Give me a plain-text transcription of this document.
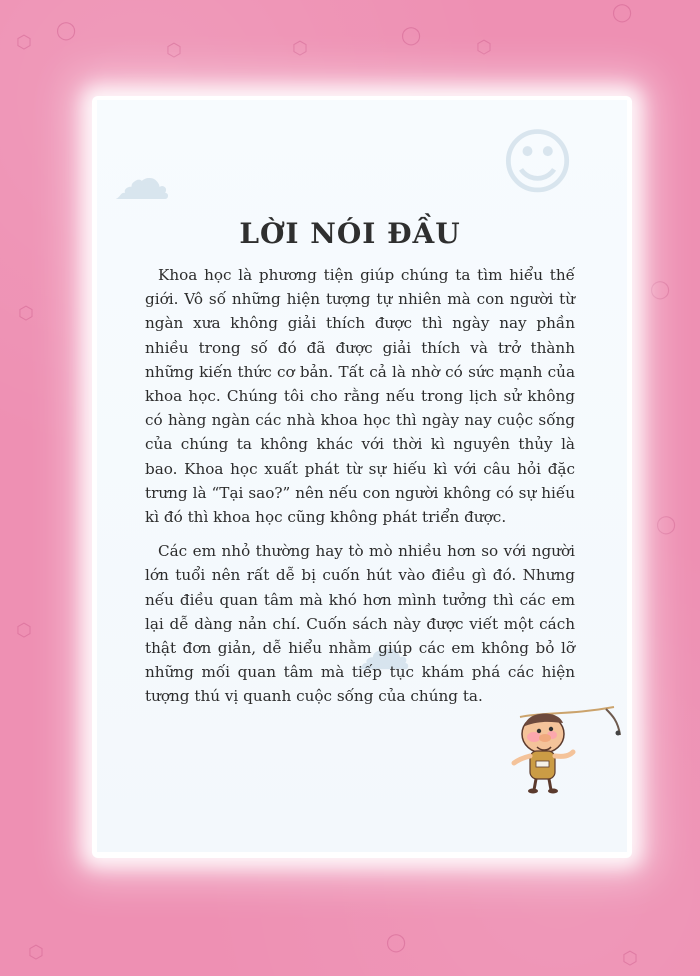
⬡
◯
⬡	⬡
◯
⬡
◯
⬡
◯
⬡
◯
⬡	◯
⬡
☁	☺
☁
LỜI NÓI ĐẦU

Khoa học là phương tiện giúp chúng ta tìm hiểu thế giới. Vô số những hiện tượng tự nhiên mà con người từ ngàn xưa không giải thích được thì ngày nay phần nhiều trong số đó đã được giải thích và trở thành những kiến thức cơ bản. Tất cả là nhờ có sức mạnh của khoa học. Chúng tôi cho rằng nếu trong lịch sử không có hàng ngàn các nhà khoa học thì ngày nay cuộc sống của chúng ta không khác với thời kì nguyên thủy là bao. Khoa học xuất phát từ sự hiếu kì với câu hỏi đặc trưng là “Tại sao?” nên nếu con người không có sự hiếu kì đó thì khoa học cũng không phát triển được.

Các em nhỏ thường hay tò mò nhiều hơn so với người lớn tuổi nên rất dễ bị cuốn hút vào điều gì đó. Nhưng nếu điều quan tâm mà khó hơn mình tưởng thì các em lại dễ dàng nản chí. Cuốn sách này được viết một cách thật đơn giản, dễ hiểu nhằm giúp các em không bỏ lỡ những mối quan tâm mà tiếp tục khám phá các hiện tượng thú vị quanh cuộc sống của chúng ta.
